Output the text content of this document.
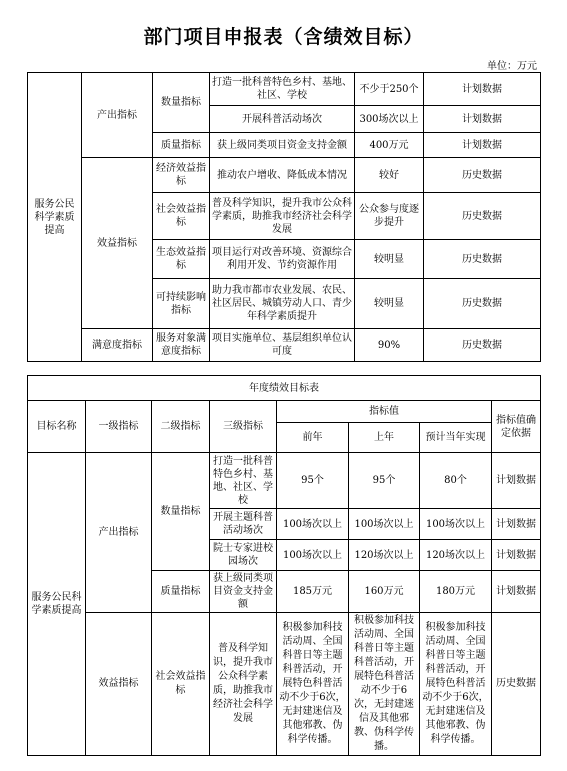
部门项目申报表（含绩效目标）
单位：万元
服务公民科学素质提高	产出指标	数量指标	打造一批科普特色乡村、基地、社区、学校	不少于250个	计划数据
			开展科普活动场次	300场次以上	计划数据
		质量指标	获上级同类项目资金支持金额	400万元	计划数据
	效益指标	经济效益指标	推动农户增收、降低成本情况	较好	历史数据
		社会效益指标	普及科学知识，提升我市公众科学素质，助推我市经济社会科学发展	公众参与度逐步提升	历史数据
		生态效益指标	项目运行对改善环境、资源综合利用开发、节约资源作用	较明显	历史数据
		可持续影响指标	助力我市都市农业发展、农民、社区居民、城镇劳动人口、青少年科学素质提升	较明显	历史数据
	满意度指标	服务对象满意度指标	项目实施单位、基层组织单位认可度	90%	历史数据
年度绩效目标表							
目标名称	一级指标	二级指标	三级指标	指标值			指标值确定依据
				前年	上年	预计当年实现	
服务公民科学素质提高	产出指标	数量指标	打造一批科普特色乡村、基地、社区、学校	95个	95个	80个	计划数据
			开展主题科普活动场次	100场次以上	100场次以上	100场次以上	计划数据
			院士专家进校园场次	100场次以上	120场次以上	120场次以上	计划数据
		质量指标	获上级同类项目资金支持金额	185万元	160万元	180万元	计划数据
	效益指标	社会效益指标	普及科学知识，提升我市公众科学素质，助推我市经济社会科学发展	积极参加科技活动周、全国科普日等主题科普活动，开展特色科普活动不少于6次，无封建迷信及其他邪教、伪科学传播。	积极参加科技活动周、全国科普日等主题科普活动，开展特色科普活动不少于6次，无封建迷信及其他邪教、伪科学传播。	积极参加科技活动周、全国科普日等主题科普活动，开展特色科普活动不少于6次，无封建迷信及其他邪教、伪科学传播。	历史数据
